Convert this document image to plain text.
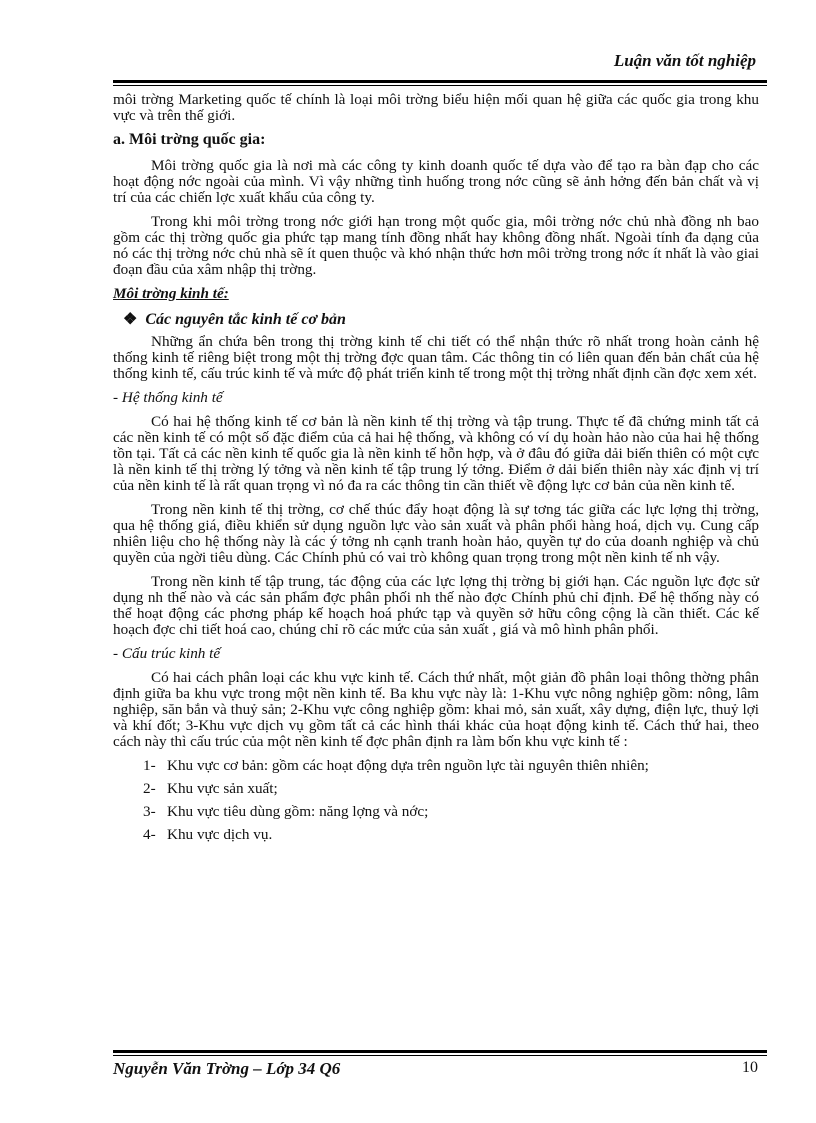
Luận văn tốt nghiệp

môi trờng Marketing quốc tế chính là loại môi trờng biểu hiện mối quan hệ giữa các quốc gia trong khu vực và trên thế giới.

a. Môi trờng quốc gia:

Môi trờng quốc gia là nơi mà các công ty kinh doanh quốc tế dựa vào để tạo ra bàn đạp cho các hoạt động nớc ngoài của mình. Vì vậy những tình huống trong nớc cũng sẽ ảnh hởng đến bản chất và vị trí của các chiến lợc xuất khẩu của công ty.

Trong khi môi trờng trong nớc giới hạn trong một quốc gia, môi trờng nớc chủ nhà đồng nh bao gồm các thị trờng quốc gia phức tạp mang tính đồng nhất hay không đồng nhất. Ngoài tính đa dạng của nó các thị trờng nớc chủ nhà sẽ ít quen thuộc và khó nhận thức hơn môi trờng trong nớc ít nhất là vào giai đoạn đầu của xâm nhập thị trờng.

Môi trờng kinh tế:

❖ Các nguyên tắc kinh tế cơ bản

Những ẩn chứa bên trong thị trờng kinh tế chi tiết có thể nhận thức rõ nhất trong hoàn cảnh hệ thống kinh tế riêng biệt trong một thị trờng đợc quan tâm. Các thông tin có liên quan đến bản chất của hệ thống kinh tế, cấu trúc kinh tế và mức độ phát triển kinh tế trong một thị trờng nhất định cần đợc xem xét.

- Hệ thống kinh tế

Có hai hệ thống kinh tế cơ bản là nền kinh tế thị trờng và tập trung. Thực tế đã chứng minh tất cả các nền kinh tế có một số đặc điểm của cả hai hệ thống, và không có ví dụ hoàn hảo nào của hai hệ thống tồn tại. Tất cả các nền kinh tế quốc gia là nền kinh tế hỗn hợp, và ở đâu đó giữa dải biến thiên có một cực là nền kinh tế thị trờng lý tởng và nền kinh tế tập trung lý tởng. Điểm ở dải biến thiên này xác định vị trí của nền kinh tế là rất quan trọng vì nó đa ra các thông tin cần thiết về động lực cơ bản của nền kinh tế.

Trong nền kinh tế thị trờng, cơ chế thúc đẩy hoạt động là sự tơng tác giữa các lực lợng thị trờng, qua hệ thống giá, điều khiển sử dụng nguồn lực vào sản xuất và phân phối hàng hoá, dịch vụ. Cung cấp nhiên liệu cho hệ thống này là các ý tởng nh cạnh tranh hoàn hảo, quyền tự do của doanh nghiệp và chủ quyền của ngời tiêu dùng. Các Chính phủ có vai trò không quan trọng trong một nền kinh tế nh vậy.

Trong nền kinh tế tập trung, tác động của các lực lợng thị trờng bị giới hạn. Các nguồn lực đợc sử dụng nh thế nào và các sản phẩm đợc phân phối nh thế nào đợc Chính phủ chỉ định. Để hệ thống này có thể hoạt động các phơng pháp kế hoạch hoá phức tạp và quyền sở hữu công cộng là cần thiết. Các kế hoạch đợc chi tiết hoá cao, chúng chỉ rõ các mức của sản xuất , giá và mô hình phân phối.

- Cấu trúc kinh tế

Có hai cách phân loại các khu vực kinh tế. Cách thứ nhất, một giản đồ phân loại thông thờng phân định giữa ba khu vực trong một nền kinh tế. Ba khu vực này là: 1-Khu vực nông nghiệp gồm: nông, lâm nghiệp, săn bắn và thuỷ sản; 2-Khu vực công nghiệp gồm: khai mỏ, sản xuất, xây dựng, điện lực, thuỷ lợi và khí đốt; 3-Khu vực dịch vụ gồm tất cả các hình thái khác của hoạt động kinh tế. Cách thứ hai, theo cách này thì cấu trúc của một nền kinh tế đợc phân định ra làm bốn khu vực kinh tế :

1- Khu vực cơ bản: gồm các hoạt động dựa trên nguồn lực tài nguyên thiên nhiên;

2- Khu vực sản xuất;

3- Khu vực tiêu dùng gồm: năng lợng và nớc;

4- Khu vực dịch vụ.

Nguyễn Văn Trờng – Lớp 34 Q6	10
